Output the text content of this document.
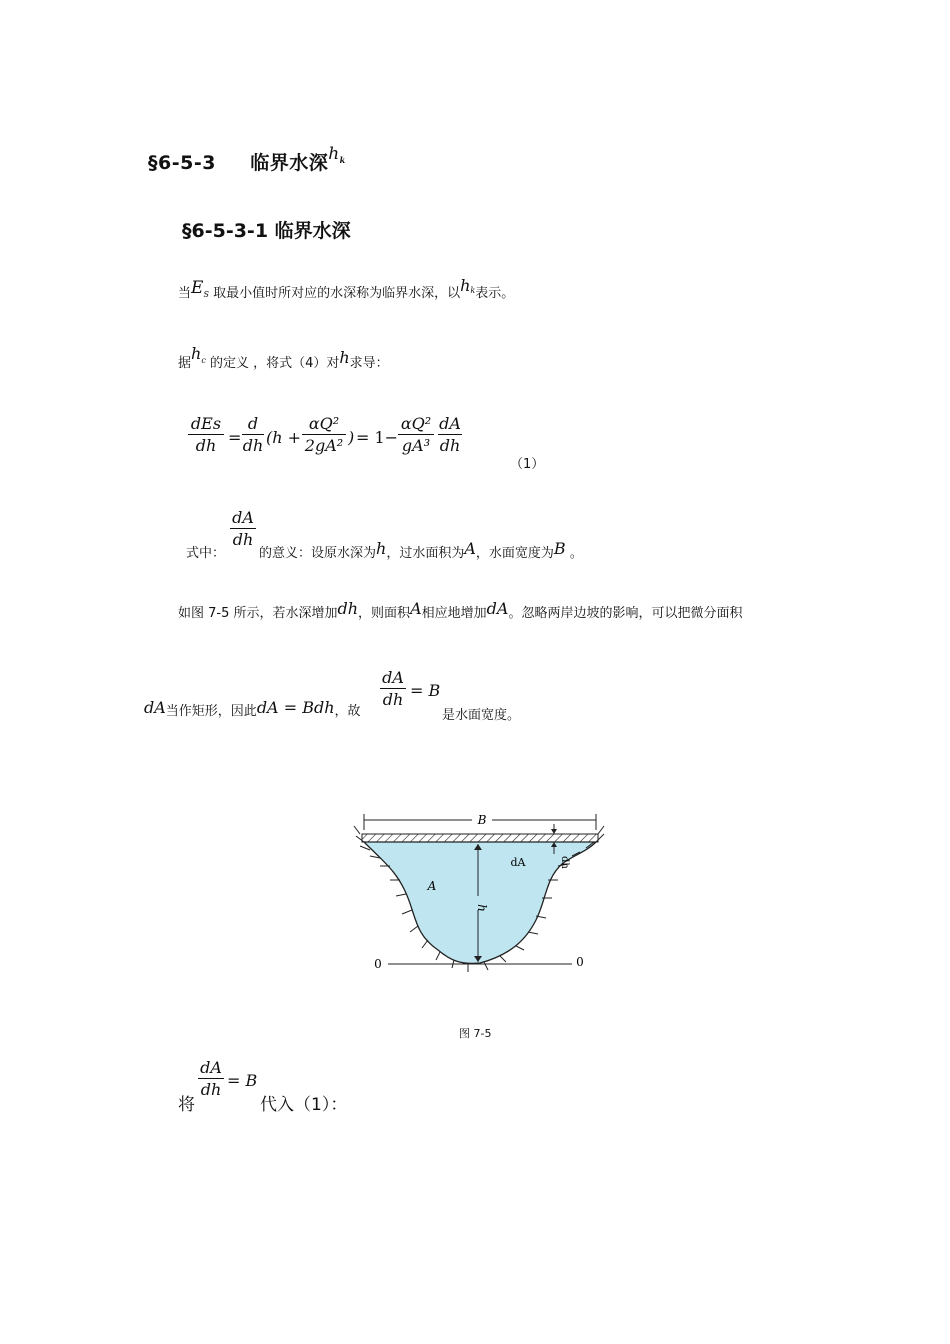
§6-5-3 临界水深$h^k$
§6-5-3-1 临界水深
当ES 取最小值时所对应的水深称为临界水深，以$h^k$表示。
据$h^c$ 的定义 ，将式（4）对h求导：
dEs
dh =
d
dh (h +
αQ²
2gA² ) = 1−
αQ²
gA³
dA
dh
（1）
式中：
dA
dh
的意义：设原水深为h，过水面积为A，水面宽度为B 。
如图 7-5 所示，若水深增加dh，则面积A相应地增加dA。忽略两岸边坡的影响，可以把微分面积
dA当作矩形，因此dA = Bdh，故
dA
dh = B
是水面宽度。
B
h
dh
dA
A
0	0
图 7-5
将
dA
dh = B
代入（1）：
